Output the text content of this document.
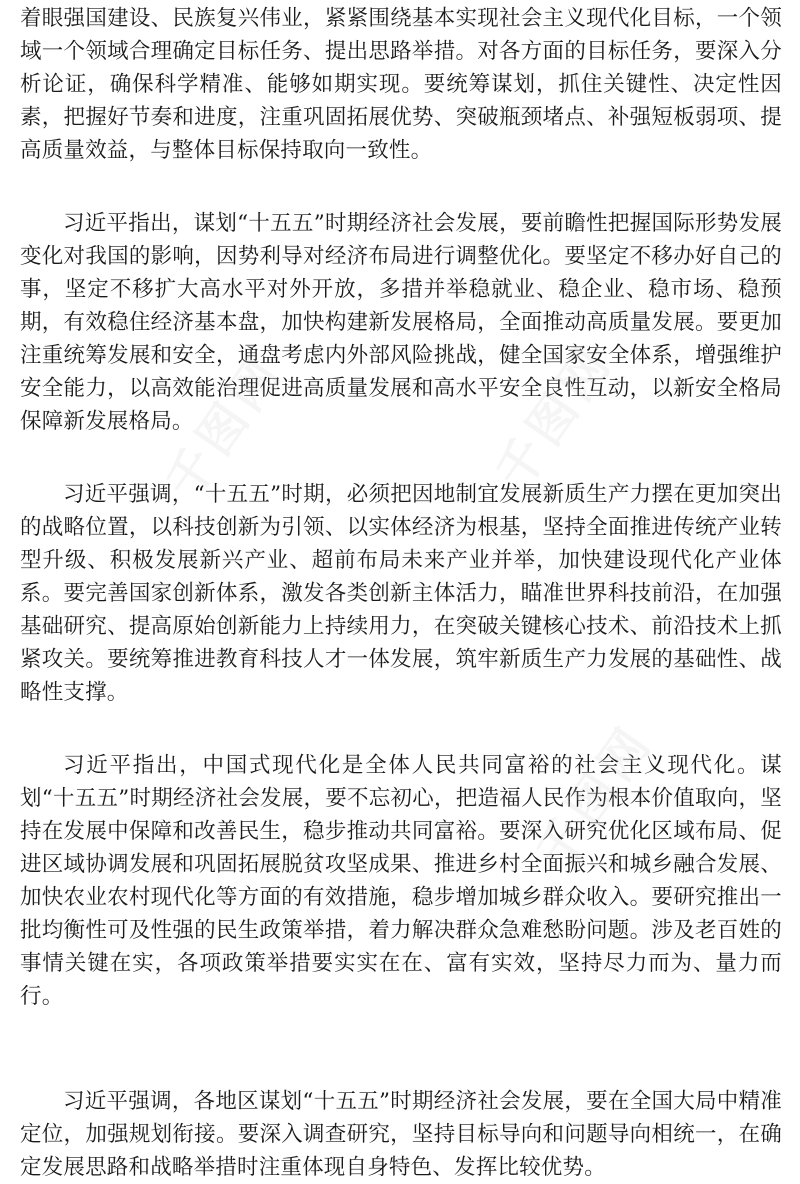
着眼强国建设、民族复兴伟业，紧紧围绕基本实现社会主义现代化目标，一个领域一个领域合理确定目标任务、提出思路举措。对各方面的目标任务，要深入分析论证，确保科学精准、能够如期实现。要统筹谋划，抓住关键性、决定性因素，把握好节奏和进度，注重巩固拓展优势、突破瓶颈堵点、补强短板弱项、提高质量效益，与整体目标保持取向一致性。

习近平指出，谋划“十五五”时期经济社会发展，要前瞻性把握国际形势发展变化对我国的影响，因势利导对经济布局进行调整优化。要坚定不移办好自己的事，坚定不移扩大高水平对外开放，多措并举稳就业、稳企业、稳市场、稳预期，有效稳住经济基本盘，加快构建新发展格局，全面推动高质量发展。要更加注重统筹发展和安全，通盘考虑内外部风险挑战，健全国家安全体系，增强维护安全能力，以高效能治理促进高质量发展和高水平安全良性互动，以新安全格局保障新发展格局。

习近平强调，“十五五”时期，必须把因地制宜发展新质生产力摆在更加突出的战略位置，以科技创新为引领、以实体经济为根基，坚持全面推进传统产业转型升级、积极发展新兴产业、超前布局未来产业并举，加快建设现代化产业体系。要完善国家创新体系，激发各类创新主体活力，瞄准世界科技前沿，在加强基础研究、提高原始创新能力上持续用力，在突破关键核心技术、前沿技术上抓紧攻关。要统筹推进教育科技人才一体发展，筑牢新质生产力发展的基础性、战略性支撑。

习近平指出，中国式现代化是全体人民共同富裕的社会主义现代化。谋划“十五五”时期经济社会发展，要不忘初心，把造福人民作为根本价值取向，坚持在发展中保障和改善民生，稳步推动共同富裕。要深入研究优化区域布局、促进区域协调发展和巩固拓展脱贫攻坚成果、推进乡村全面振兴和城乡融合发展、加快农业农村现代化等方面的有效措施，稳步增加城乡群众收入。要研究推出一批均衡性可及性强的民生政策举措，着力解决群众急难愁盼问题。涉及老百姓的事情关键在实，各项政策举措要实实在在、富有实效，坚持尽力而为、量力而行。

习近平强调，各地区谋划“十五五”时期经济社会发展，要在全国大局中精准定位，加强规划衔接。要深入调查研究，坚持目标导向和问题导向相统一，在确定发展思路和战略举措时注重体现自身特色、发挥比较优势。

千图网	千图网
千图网
